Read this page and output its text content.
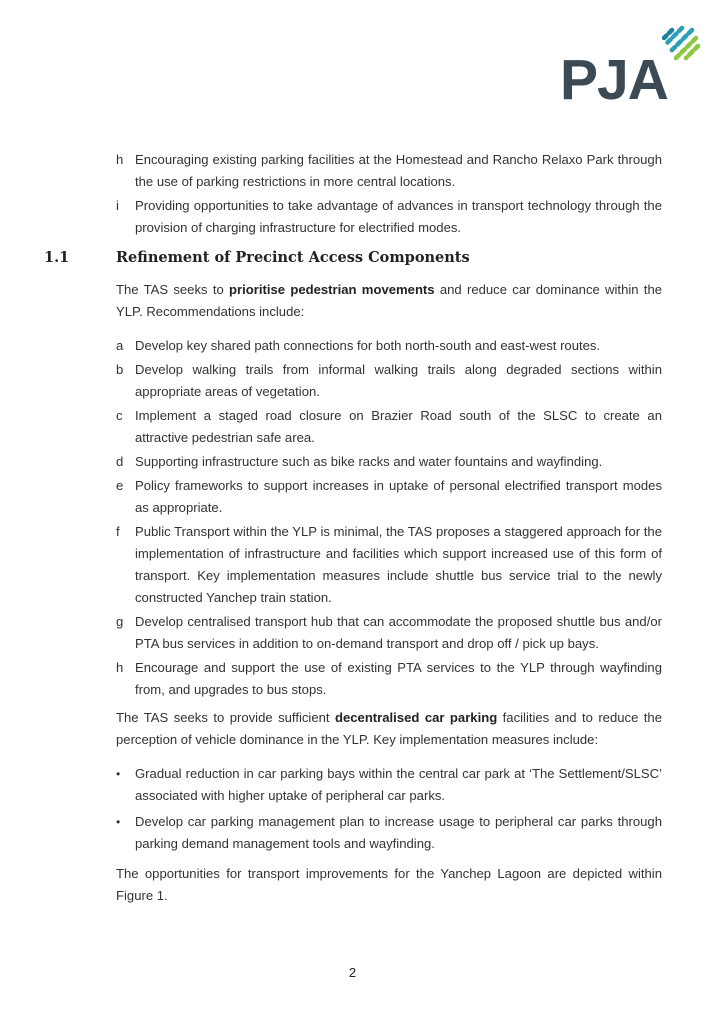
PJA
h Encouraging existing parking facilities at the Homestead and Rancho Relaxo Park through the use of parking restrictions in more central locations.
i Providing opportunities to take advantage of advances in transport technology through the provision of charging infrastructure for electrified modes.
1.1	Refinement of Precinct Access Components

The TAS seeks to prioritise pedestrian movements and reduce car dominance within the YLP. Recommendations include:

a Develop key shared path connections for both north-south and east-west routes.
b Develop walking trails from informal walking trails along degraded sections within appropriate areas of vegetation.
c Implement a staged road closure on Brazier Road south of the SLSC to create an attractive pedestrian safe area.
d Supporting infrastructure such as bike racks and water fountains and wayfinding.
e Policy frameworks to support increases in uptake of personal electrified transport modes as appropriate.
f Public Transport within the YLP is minimal, the TAS proposes a staggered approach for the implementation of infrastructure and facilities which support increased use of this form of transport. Key implementation measures include shuttle bus service trial to the newly constructed Yanchep train station.
g Develop centralised transport hub that can accommodate the proposed shuttle bus and/or PTA bus services in addition to on-demand transport and drop off / pick up bays.
h Encourage and support the use of existing PTA services to the YLP through wayfinding from, and upgrades to bus stops.

The TAS seeks to provide sufficient decentralised car parking facilities and to reduce the perception of vehicle dominance in the YLP. Key implementation measures include:

• Gradual reduction in car parking bays within the central car park at ‘The Settlement/SLSC’ associated with higher uptake of peripheral car parks.
• Develop car parking management plan to increase usage to peripheral car parks through parking demand management tools and wayfinding.

The opportunities for transport improvements for the Yanchep Lagoon are depicted within Figure 1.

2
